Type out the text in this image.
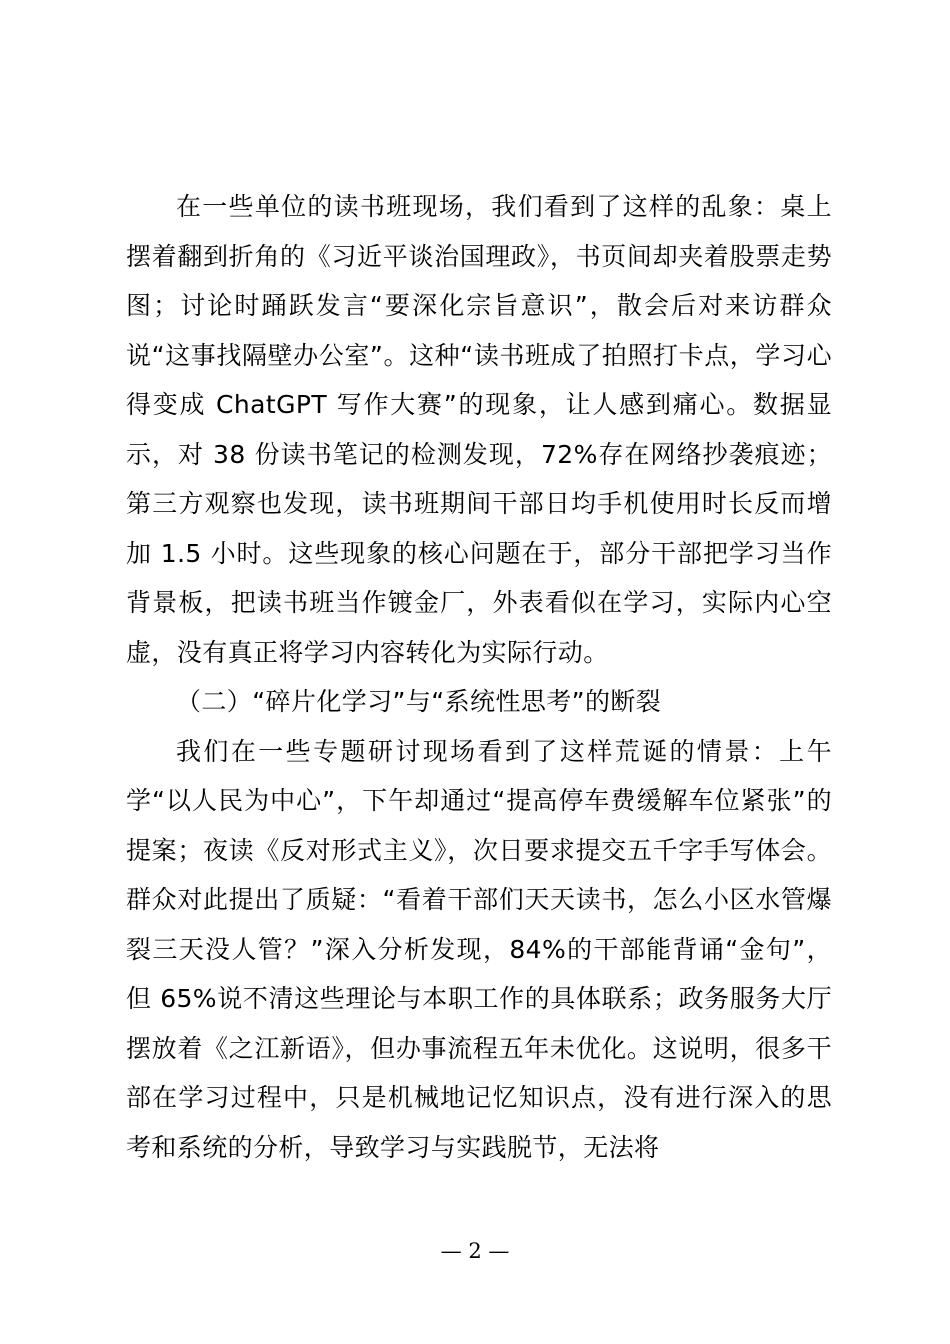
在一些单位的读书班现场，我们看到了这样的乱象：桌上摆着翻到折角的《习近平谈治国理政》，书页间却夹着股票走势图；讨论时踊跃发言“要深化宗旨意识”，散会后对来访群众说“这事找隔壁办公室”。这种“读书班成了拍照打卡点，学习心得变成 ChatGPT 写作大赛”的现象，让人感到痛心。数据显示，对 38 份读书笔记的检测发现，72%存在网络抄袭痕迹；第三方观察也发现，读书班期间干部日均手机使用时长反而增加 1.5 小时。这些现象的核心问题在于，部分干部把学习当作背景板，把读书班当作镀金厂，外表看似在学习，实际内心空虚，没有真正将学习内容转化为实际行动。

（二）“碎片化学习”与“系统性思考”的断裂

我们在一些专题研讨现场看到了这样荒诞的情景：上午学“以人民为中心”，下午却通过“提高停车费缓解车位紧张”的提案；夜读《反对形式主义》，次日要求提交五千字手写体会。群众对此提出了质疑：“看着干部们天天读书，怎么小区水管爆裂三天没人管？”深入分析发现，84%的干部能背诵“金句”，但 65%说不清这些理论与本职工作的具体联系；政务服务大厅摆放着《之江新语》，但办事流程五年未优化。这说明，很多干部在学习过程中，只是机械地记忆知识点，没有进行深入的思考和系统的分析，导致学习与实践脱节，无法将

— 2 —
